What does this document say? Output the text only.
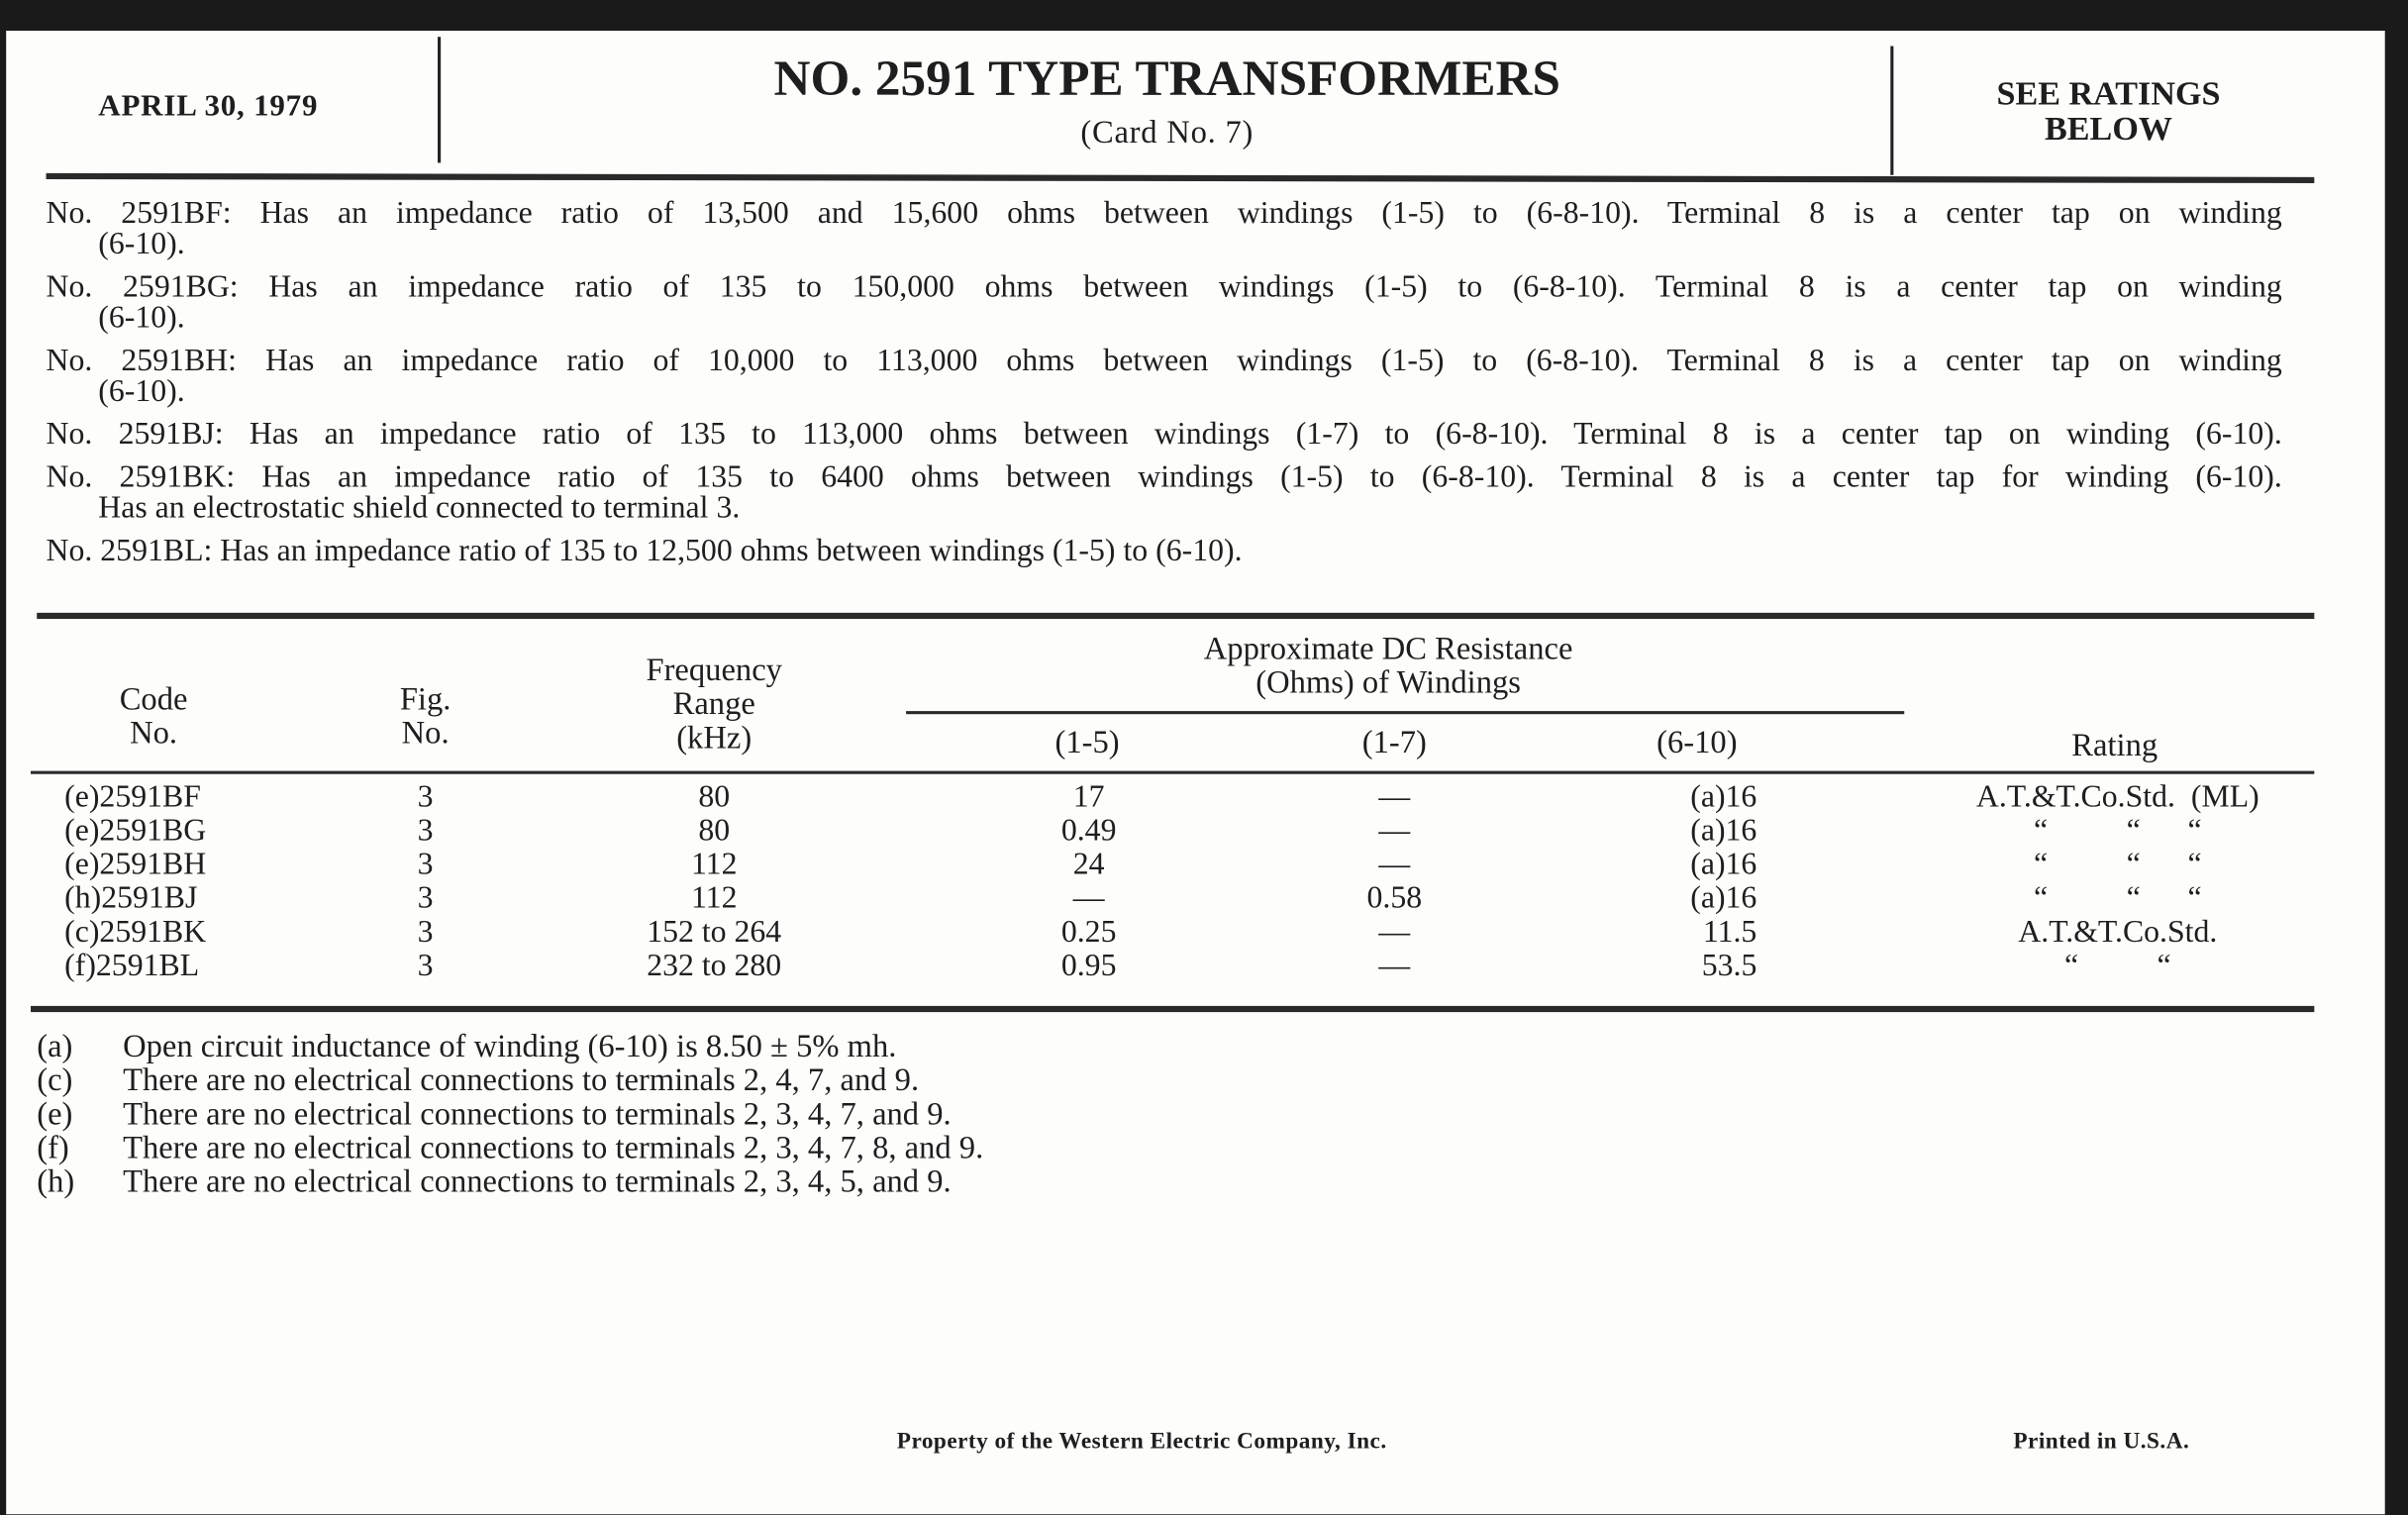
APRIL 30, 1979	NO. 2591 TYPE TRANSFORMERS
(Card No. 7)
SEE RATINGS
BELOW
No. 2591BF: Has an impedance ratio of 13,500 and 15,600 ohms between windings (1-5) to (6-8-10). Terminal 8 is a center tap on winding
(6-10).
No. 2591BG: Has an impedance ratio of 135 to 150,000 ohms between windings (1-5) to (6-8-10). Terminal 8 is a center tap on winding
(6-10).
No. 2591BH: Has an impedance ratio of 10,000 to 113,000 ohms between windings (1-5) to (6-8-10). Terminal 8 is a center tap on winding
(6-10).
No. 2591BJ: Has an impedance ratio of 135 to 113,000 ohms between windings (1-7) to (6-8-10). Terminal 8 is a center tap on winding (6-10).
No. 2591BK: Has an impedance ratio of 135 to 6400 ohms between windings (1-5) to (6-8-10). Terminal 8 is a center tap for winding (6-10).
Has an electrostatic shield connected to terminal 3.
No. 2591BL: Has an impedance ratio of 135 to 12,500 ohms between windings (1-5) to (6-10).
Code
No.
Fig.
No.
Frequency
Range
(kHz)
Approximate DC Resistance
(Ohms) of Windings
(1-5)	(1-7)	(6-10)	Rating
(e)2591BF	3	80	17	—	(a)16	A.T.&T.Co.Std.  (ML)
(e)2591BG	3	80	0.49	—	(a)16	“          “      “
(e)2591BH	3	112	24	—	(a)16	“          “      “
(h)2591BJ	3	112	—	0.58	(a)16	“          “      “
(c)2591BK	3	152 to 264	0.25	—	11.5	A.T.&T.Co.Std.
(f)2591BL	3	232 to 280	0.95	—	53.5	“          “
(a) Open circuit inductance of winding (6-10) is 8.50 ± 5% mh.
(c) There are no electrical connections to terminals 2, 4, 7, and 9.
(e) There are no electrical connections to terminals 2, 3, 4, 7, and 9.
(f)	There are no electrical connections to terminals 2, 3, 4, 7, 8, and 9.
(h) There are no electrical connections to terminals 2, 3, 4, 5, and 9.
Property of the Western Electric Company, Inc.	Printed in U.S.A.
